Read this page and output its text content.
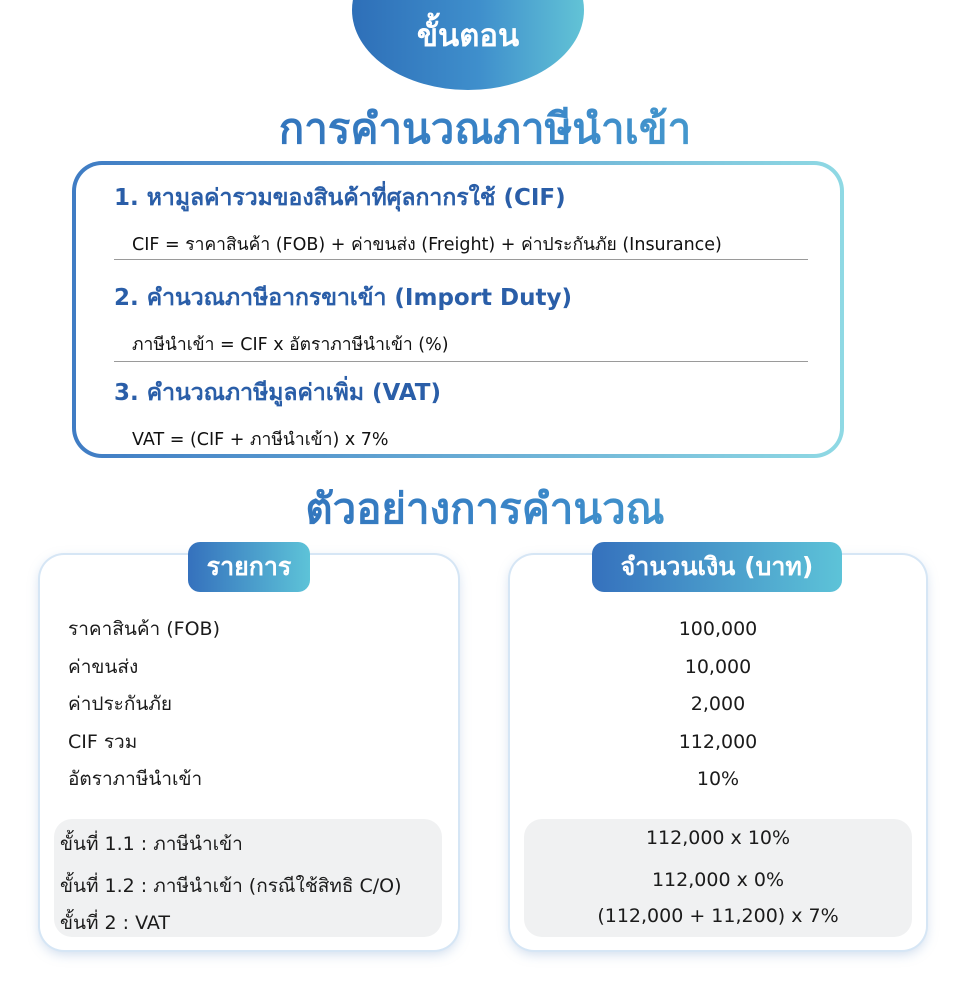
ขั้นตอน
การคำนวณภาษีนำเข้า
1. หามูลค่ารวมของสินค้าที่ศุลกากรใช้ (CIF)
CIF = ราคาสินค้า (FOB) + ค่าขนส่ง (Freight) + ค่าประกันภัย (Insurance)
2. คำนวณภาษีอากรขาเข้า (Import Duty)
ภาษีนำเข้า = CIF x อัตราภาษีนำเข้า (%)
3. คำนวณภาษีมูลค่าเพิ่ม (VAT)
VAT = (CIF + ภาษีนำเข้า) x 7%
ตัวอย่างการคำนวณ
รายการ
ราคาสินค้า (FOB)
ค่าขนส่ง
ค่าประกันภัย
CIF รวม
อัตราภาษีนำเข้า
ขั้นที่ 1.1 : ภาษีนำเข้า
ขั้นที่ 1.2 : ภาษีนำเข้า (กรณีใช้สิทธิ C/O)
ขั้นที่ 2 : VAT
จำนวนเงิน (บาท)
100,000
10,000
2,000
112,000
10%
112,000 x 10%
112,000 x 0%
(112,000 + 11,200) x 7%
